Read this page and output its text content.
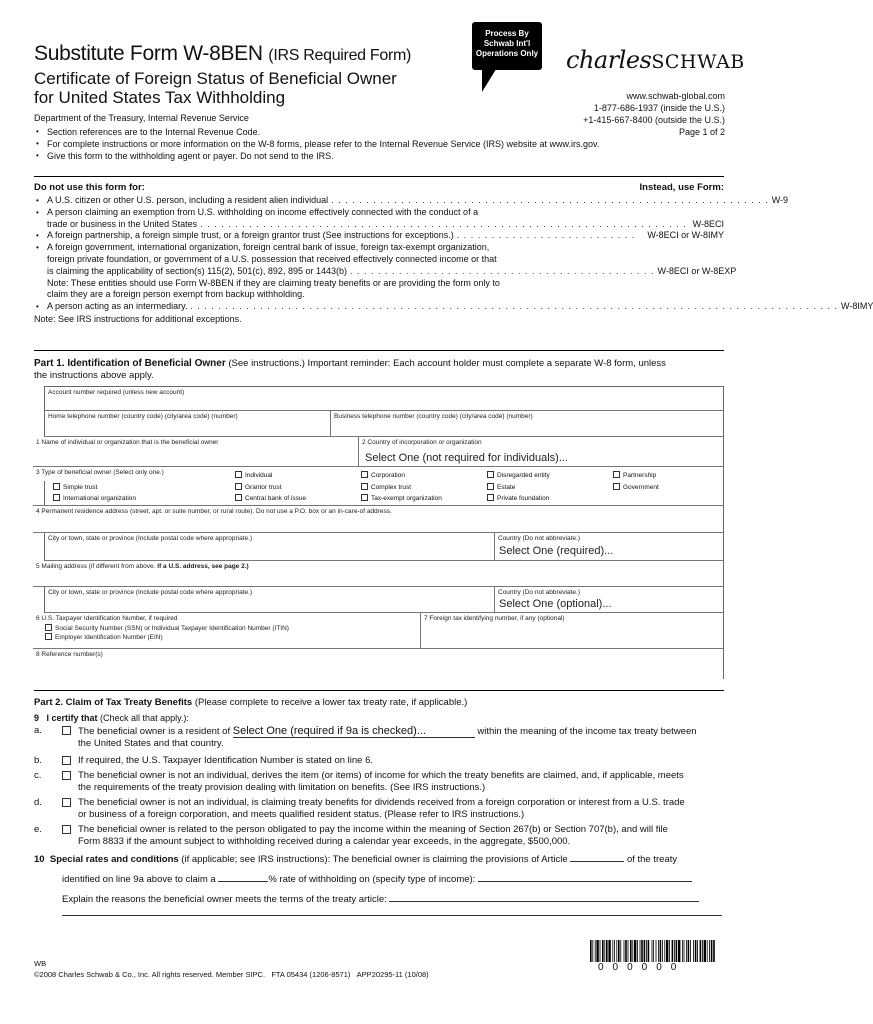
Substitute Form W-8BEN (IRS Required Form)
Certificate of Foreign Status of Beneficial Owner
for United States Tax Withholding
Department of the Treasury, Internal Revenue Service
Process By
Schwab Int'l
Operations Only charlesSCHWAB
www.schwab-global.com
1-877-686-1937 (inside the U.S.)
+1-415-667-8400 (outside the U.S.)
Page 1 of 2
• Section references are to the Internal Revenue Code.
• For complete instructions or more information on the W-8 forms, please refer to the Internal Revenue Service (IRS) website at www.irs.gov.
• Give this form to the withholding agent or payer. Do not send to the IRS.
Do not use this form for:	Instead, use Form:
• A U.S. citizen or other U.S. person, including a resident alien individual . . . . . . . . . . . . . . . . . . . . . . . . . . . . . . . . . . . . . . . . . . . . . . . . . . . . . . . . . . . . . . . W-9
• A person claiming an exemption from U.S. withholding on income effectively connected with the conduct of a
trade or business in the United States . . . . . . . . . . . . . . . . . . . . . . . . . . . . . . . . . . . . . . . . . . . . . . . . . . . . . . . . . . . . . . . . . . . . . . W-8ECI
• A foreign partnership, a foreign simple trust, or a foreign grantor trust (See instructions for exceptions.) . . . . . . . . . . . . . . . . . . . . . . . . . .	W-8ECI or W-8IMY
• A foreign government, international organization, foreign central bank of issue, foreign tax-exempt organization,
foreign private foundation, or government of a U.S. possession that received effectively connected income or that
is claiming the applicability of section(s) 115(2), 501(c), 892, 895 or 1443(b) . . . . . . . . . . . . . . . . . . . . . . . . . . . . . . . . . . . . . . . . . . . . W-8ECI or W-8EXP
Note: These entities should use Form W-8BEN if they are claiming treaty benefits or are providing the form only to
claim they are a foreign person exempt from backup withholding.
• A person acting as an intermediary. . . . . . . . . . . . . . . . . . . . . . . . . . . . . . . . . . . . . . . . . . . . . . . . . . . . . . . . . . . . . . . . . . . . . . . . . . . . . . . . . . . . . . . . . . . . . . W-8IMY
Note: See IRS instructions for additional exceptions.
Part 1. Identification of Beneficial Owner (See instructions.) Important reminder: Each account holder must complete a separate W-8 form, unless
the instructions above apply.
Account number required (unless new account)
Home telephone number (country code) (city/area code) (number)	Business telephone number (country code) (city/area code) (number)
1 Name of individual or organization that is the beneficial owner	2 Country of incorporation or organization
Select One (not required for individuals)...
3 Type of beneficial owner (Select only one.)	Individual	Corporation	Disregarded entity	Partnership
Simple trust	Grantor trust	Complex trust	Estate	Government
International organization	Central bank of issue	Tax-exempt organization	Private foundation
4 Permanent residence address (street, apt. or suite number, or rural route). Do not use a P.O. box or an in-care-of address.
City or town, state or province (Include postal code where appropriate.)	Country (Do not abbreviate.)
Select One (required)...
5 Mailing address (if different from above. If a U.S. address, see page 2.)
City or town, state or province (Include postal code where appropriate.)	Country (Do not abbreviate.)
Select One (optional)...
6 U.S. Taxpayer Identification Number, if required
Social Security Number (SSN) or Individual Taxpayer Identification Number (ITIN)
Employer Identification Number (EIN)
7 Foreign tax identifying number, if any (optional)
8 Reference number(s)
Part 2. Claim of Tax Treaty Benefits (Please complete to receive a lower tax treaty rate, if applicable.)
9 I certify that (Check all that apply.):
a.	The beneficial owner is a resident of Select One (required if 9a is checked)...	within the meaning of the income tax treaty between
the United States and that country.
b.	If required, the U.S. Taxpayer Identification Number is stated on line 6.
c.	The beneficial owner is not an individual, derives the item (or items) of income for which the treaty benefits are claimed, and, if applicable, meets
the requirements of the treaty provision dealing with limitation on benefits. (See IRS instructions.)
d.	The beneficial owner is not an individual, is claiming treaty benefits for dividends received from a foreign corporation or interest from a U.S. trade
or business of a foreign corporation, and meets qualified resident status. (Please refer to IRS instructions.)
e.	The beneficial owner is related to the person obligated to pay the income within the meaning of Section 267(b) or Section 707(b), and will file
Form 8833 if the amount subject to withholding received during a calendar year exceeds, in the aggregate, $500,000.
10 Special rates and conditions (if applicable; see IRS instructions): The beneficial owner is claiming the provisions of Article	of the treaty
identified on line 9a above to claim a	% rate of withholding on (specify type of income):
Explain the reasons the beneficial owner meets the terms of the treaty article:
WB
©2008 Charles Schwab & Co., Inc. All rights reserved. Member SIPC. FTA 05434 (1206-8571) APP20295-11 (10/08)
000000
